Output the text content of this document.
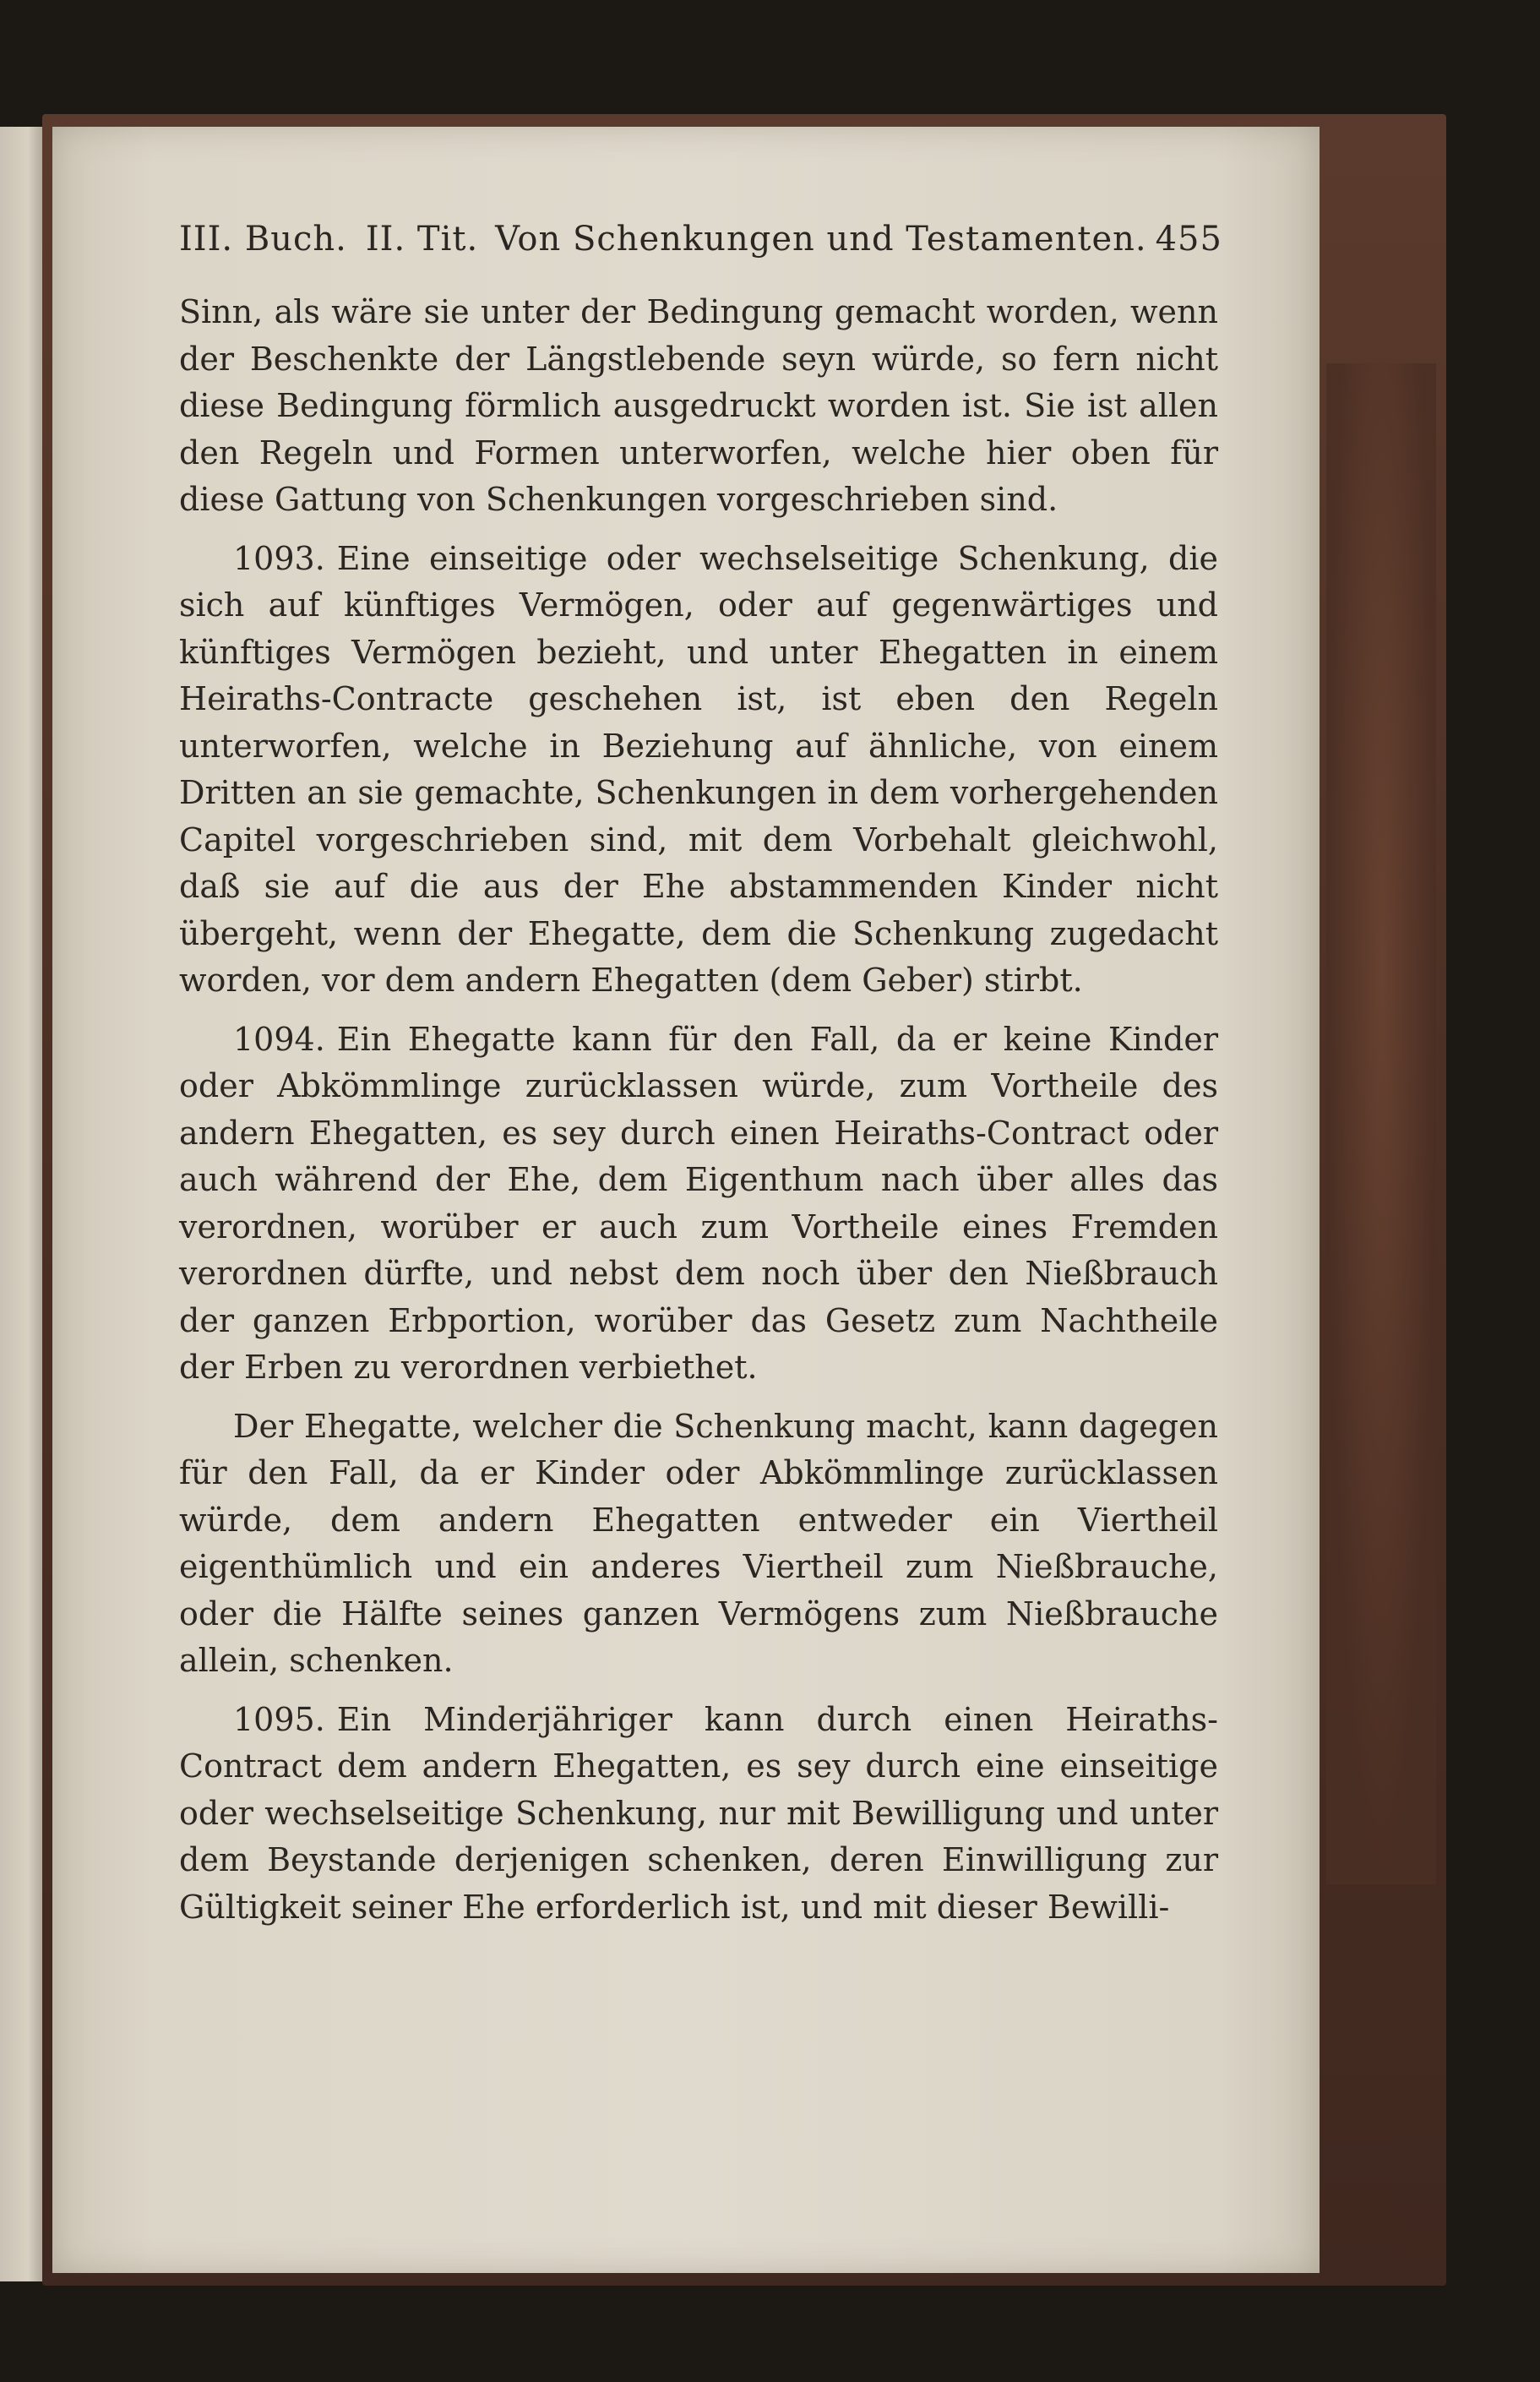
III. Buch. II. Tit. Von Schenkungen und Testamenten. 455

Sinn, als wäre sie unter der Bedingung gemacht worden, wenn der Beschenkte der Längstlebende seyn würde, so fern nicht diese Bedingung förmlich ausgedruckt worden ist. Sie ist allen den Regeln und Formen unterworfen, welche hier oben für diese Gattung von Schenkungen vorgeschrieben sind.

1093. Eine einseitige oder wechselseitige Schenkung, die sich auf künftiges Vermögen, oder auf gegenwärtiges und künftiges Vermögen bezieht, und unter Ehegatten in einem Heiraths-Contracte geschehen ist, ist eben den Regeln unterworfen, welche in Beziehung auf ähnliche, von einem Dritten an sie gemachte, Schenkungen in dem vorhergehenden Capitel vorgeschrieben sind, mit dem Vorbehalt gleichwohl, daß sie auf die aus der Ehe abstammenden Kinder nicht übergeht, wenn der Ehegatte, dem die Schenkung zugedacht worden, vor dem andern Ehegatten (dem Geber) stirbt.

1094. Ein Ehegatte kann für den Fall, da er keine Kinder oder Abkömmlinge zurücklassen würde, zum Vortheile des andern Ehegatten, es sey durch einen Heiraths-Contract oder auch während der Ehe, dem Eigenthum nach über alles das verordnen, worüber er auch zum Vortheile eines Fremden verordnen dürfte, und nebst dem noch über den Nießbrauch der ganzen Erbportion, worüber das Gesetz zum Nachtheile der Erben zu verordnen verbiethet.

Der Ehegatte, welcher die Schenkung macht, kann dagegen für den Fall, da er Kinder oder Abkömmlinge zurücklassen würde, dem andern Ehegatten entweder ein Viertheil eigenthümlich und ein anderes Viertheil zum Nießbrauche, oder die Hälfte seines ganzen Vermögens zum Nießbrauche allein, schenken.

1095. Ein Minderjähriger kann durch einen Heiraths-Contract dem andern Ehegatten, es sey durch eine einseitige oder wechselseitige Schenkung, nur mit Bewilligung und unter dem Beystande derjenigen schenken, deren Einwilligung zur Gültigkeit seiner Ehe erforderlich ist, und mit dieser Bewilli-
